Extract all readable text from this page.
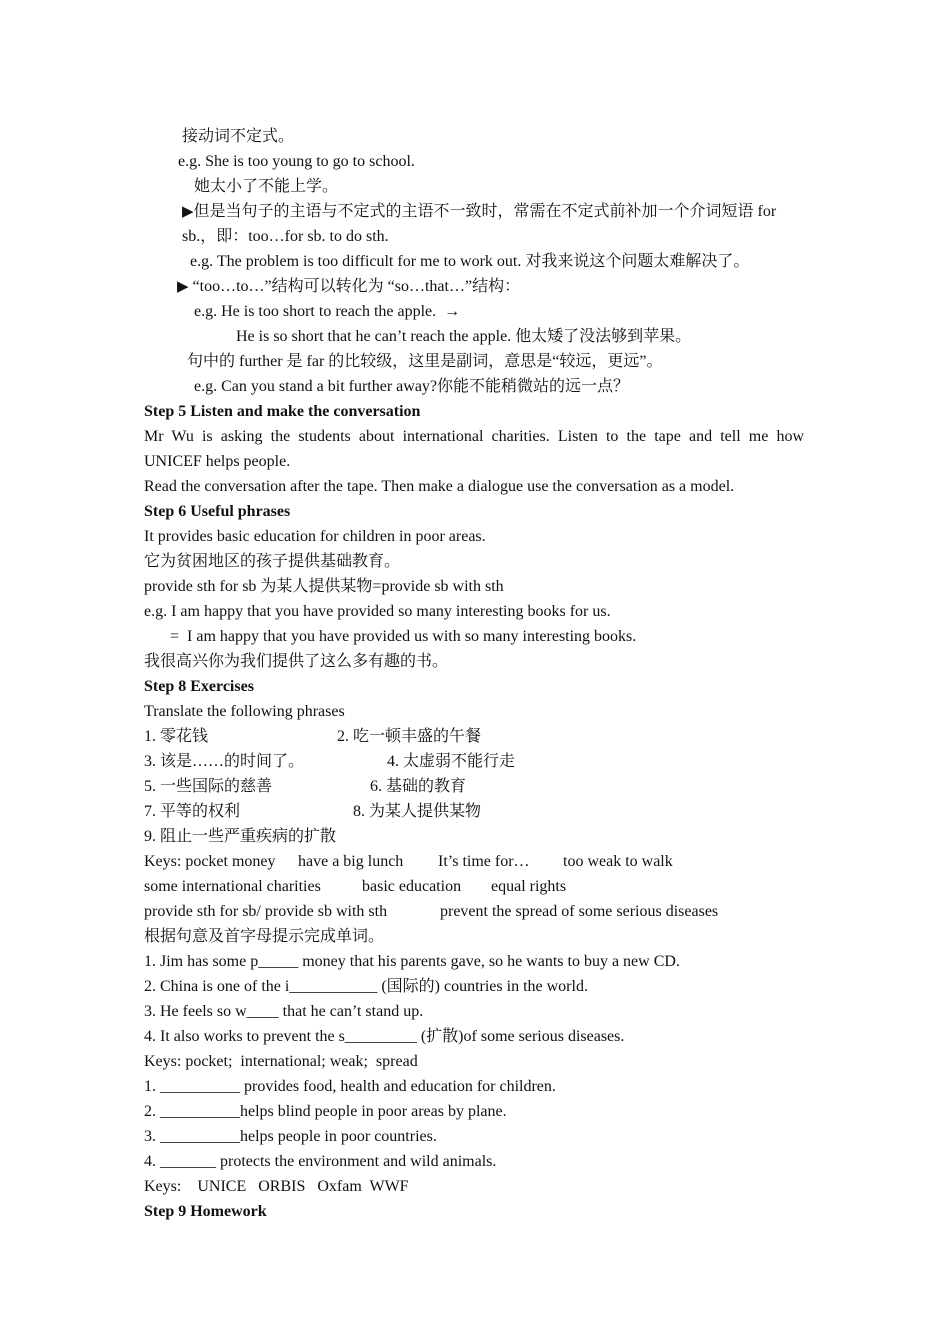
接动词不定式。
e.g. She is too young to go to school.
她太小了不能上学。
▶但是当句子的主语与不定式的主语不一致时，常需在不定式前补加一个介词短语 for
sb.，即：too…for sb. to do sth.
e.g. The problem is too difficult for me to work out. 对我来说这个问题太难解决了。
▶ “too…to…”结构可以转化为 “so…that…”结构：
e.g. He is too short to reach the apple.  →
He is so short that he can’t reach the apple. 他太矮了没法够到苹果。
句中的 further 是 far 的比较级，这里是副词，意思是“较远，更远”。
e.g. Can you stand a bit further away?你能不能稍微站的远一点？
Step 5 Listen and make the conversation
Mr Wu is asking the students about international charities. Listen to the tape and tell me how
UNICEF helps people.
Read the conversation after the tape. Then make a dialogue use the conversation as a model.
Step 6 Useful phrases
It provides basic education for children in poor areas.
它为贫困地区的孩子提供基础教育。
provide sth for sb 为某人提供某物=provide sb with sth
e.g. I am happy that you have provided so many interesting books for us.
=  I am happy that you have provided us with so many interesting books.
我很高兴你为我们提供了这么多有趣的书。
Step 8 Exercises
Translate the following phrases
1. 零花钱	2. 吃一顿丰盛的午餐
3. 该是……的时间了。	4. 太虚弱不能行走
5. 一些国际的慈善	6. 基础的教育
7. 平等的权利	8. 为某人提供某物
9. 阻止一些严重疾病的扩散
Keys: pocket money have a big lunch It’s time for… too weak to walk
some international charities	basic education equal rights
provide sth for sb/ provide sb with sth	prevent the spread of some serious diseases
根据句意及首字母提示完成单词。
1. Jim has some p_____ money that his parents gave, so he wants to buy a new CD.
2. China is one of the i___________ (国际的) countries in the world.
3. He feels so w____ that he can’t stand up.
4. It also works to prevent the s_________ (扩散)of some serious diseases.
Keys: pocket;  international; weak;  spread
1. __________ provides food, health and education for children.
2. __________helps blind people in poor areas by plane.
3. __________helps people in poor countries.
4. _______ protects the environment and wild animals.
Keys:    UNICE   ORBIS   Oxfam  WWF
Step 9 Homework
